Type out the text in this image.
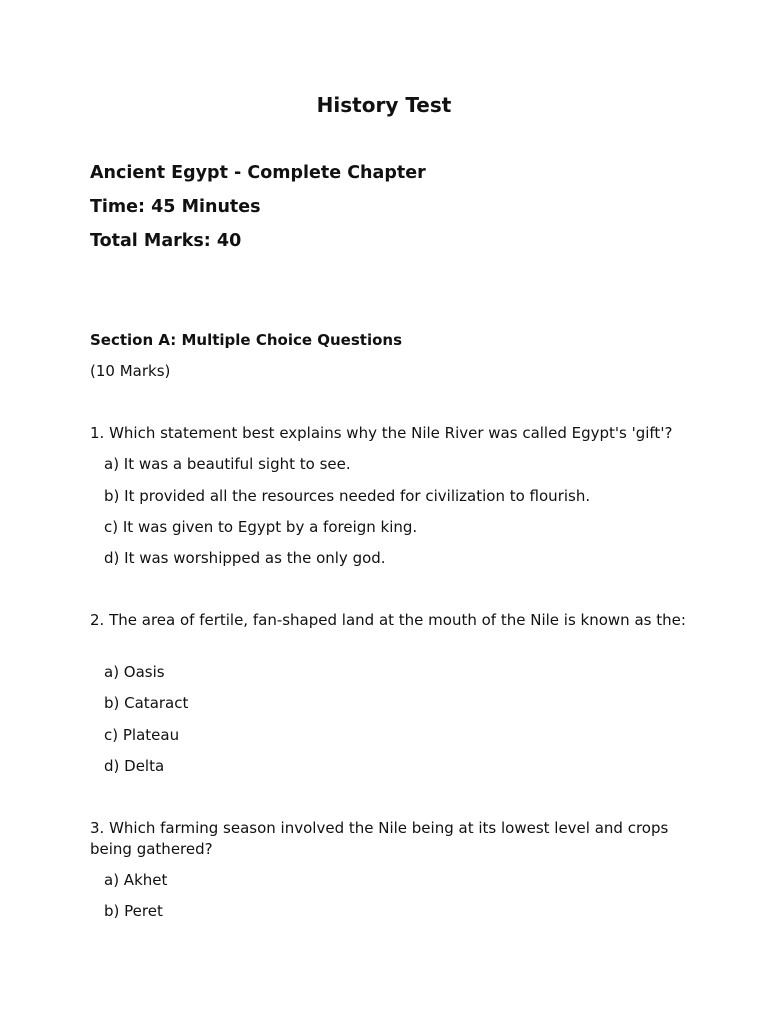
History Test
Ancient Egypt - Complete Chapter
Time: 45 Minutes
Total Marks: 40
Section A: Multiple Choice Questions
(10 Marks)
1. Which statement best explains why the Nile River was called Egypt's 'gift'?
a) It was a beautiful sight to see.
b) It provided all the resources needed for civilization to flourish.
c) It was given to Egypt by a foreign king.
d) It was worshipped as the only god.
2. The area of fertile, fan-shaped land at the mouth of the Nile is known as the:
a) Oasis
b) Cataract
c) Plateau
d) Delta
3. Which farming season involved the Nile being at its lowest level and crops being gathered?
a) Akhet
b) Peret
